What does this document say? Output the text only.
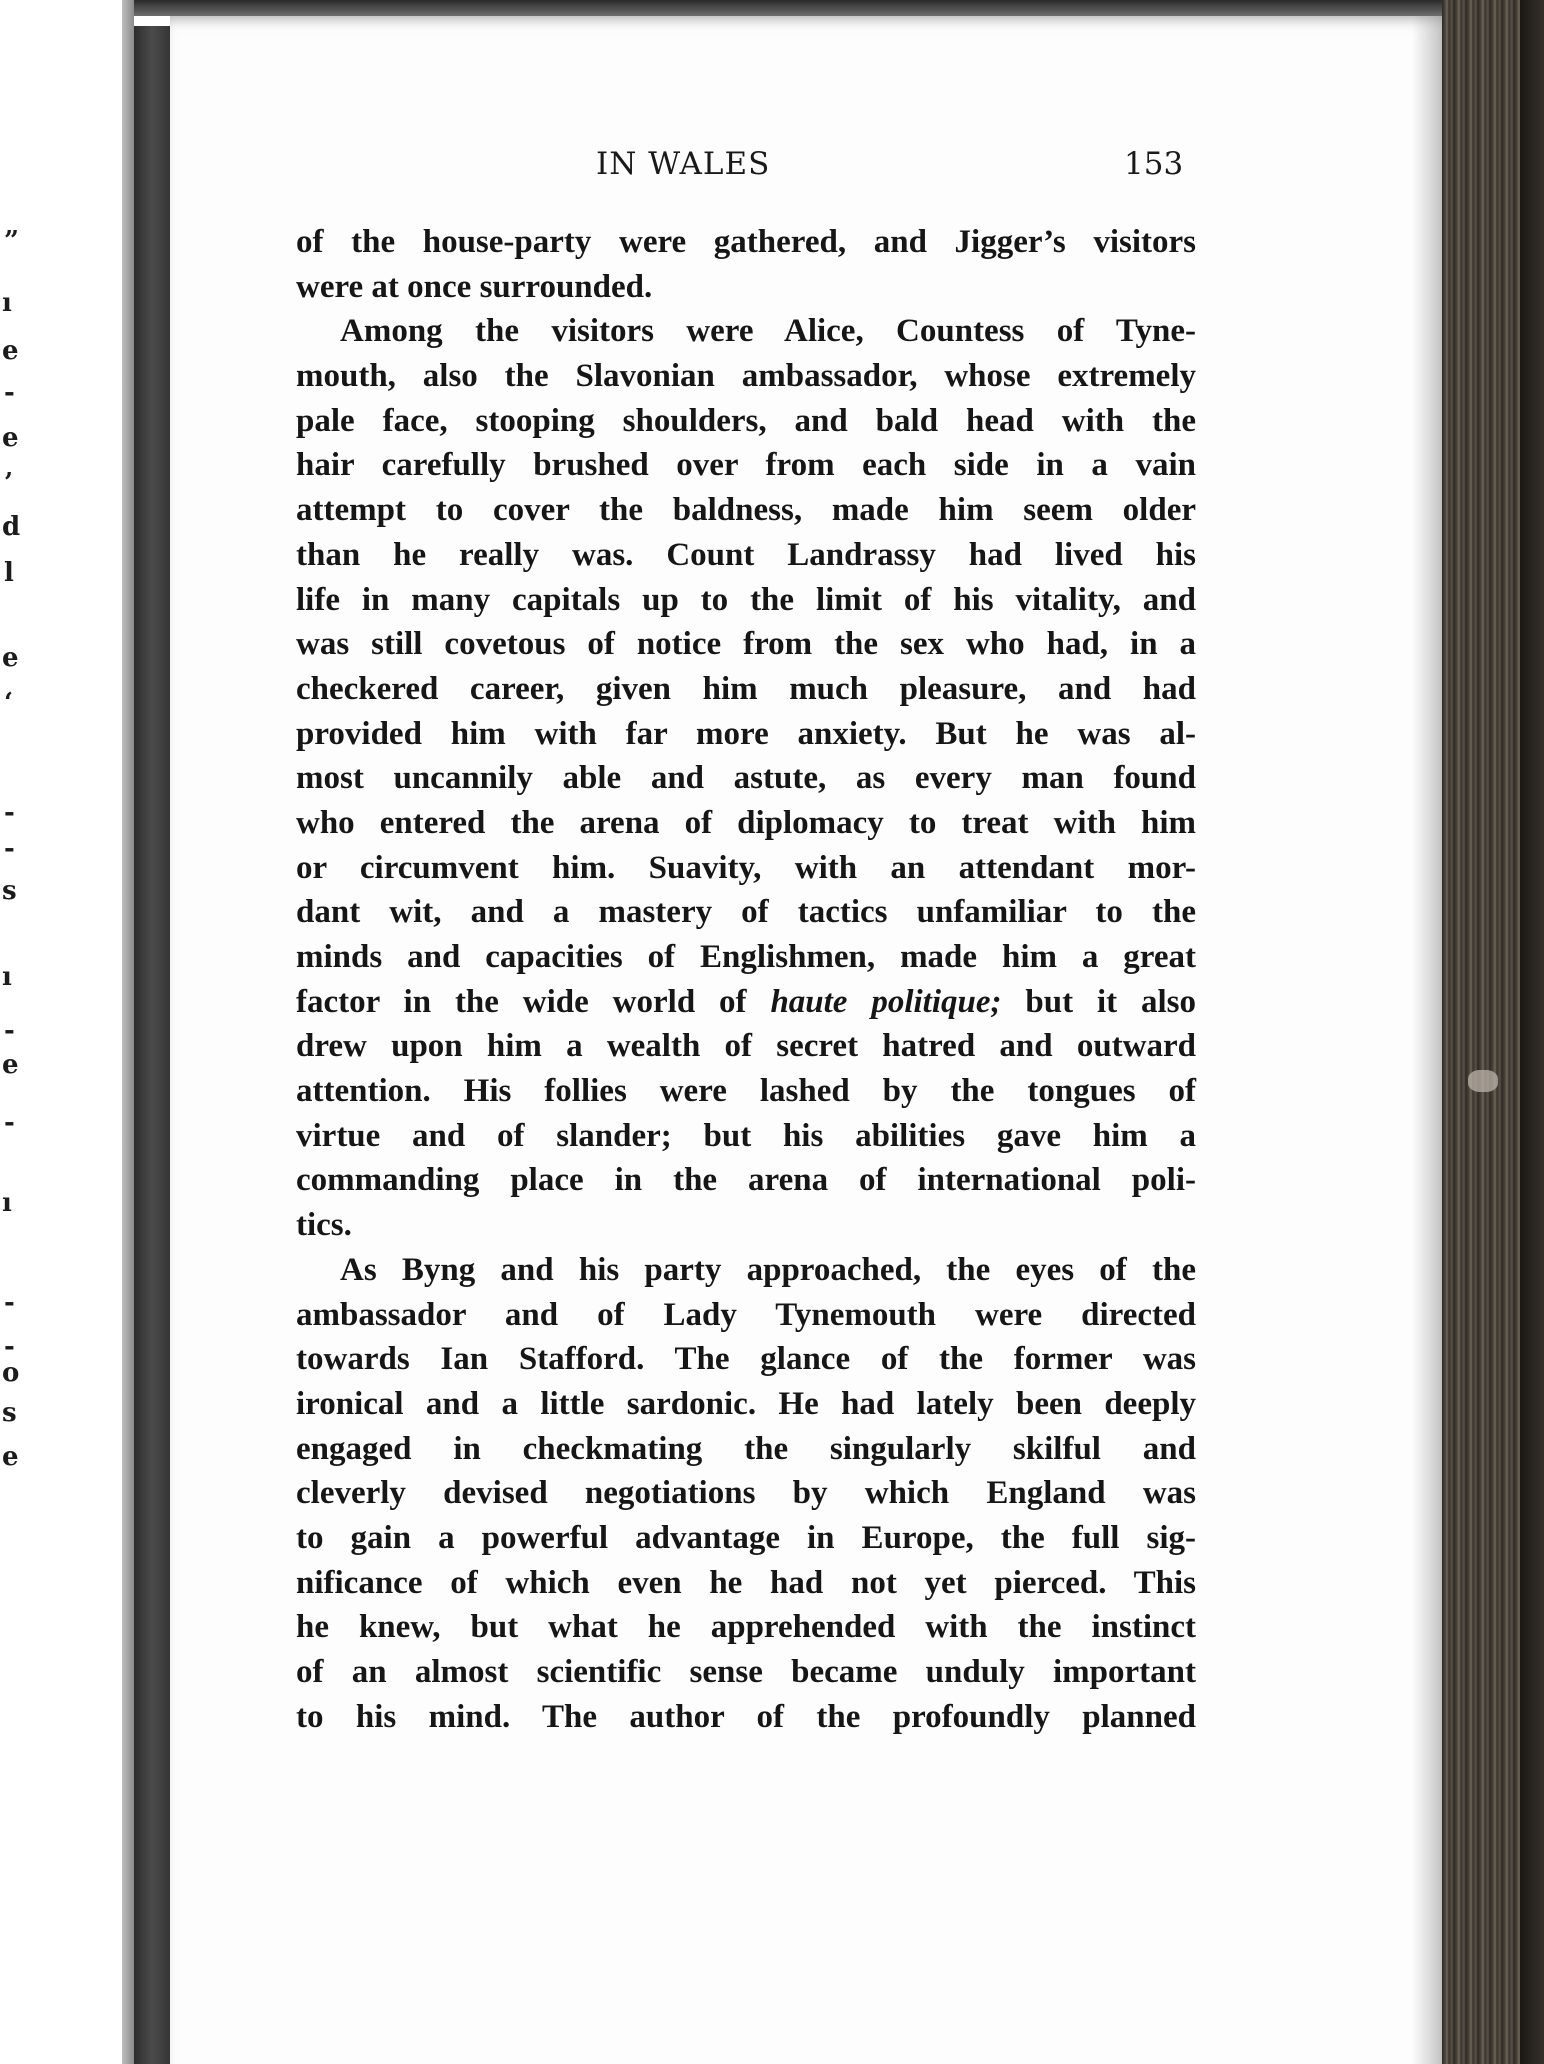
”
ı
e
-
e
’
d
l
e
‘
-
-
s
ı
-
e
-
ı
-
-
o
s
e
IN WALES	153
of the house-party were gathered, and Jigger’s visitors
were at once surrounded.
Among the visitors were Alice, Countess of Tyne-
mouth, also the Slavonian ambassador, whose extremely
pale face, stooping shoulders, and bald head with the
hair carefully brushed over from each side in a vain
attempt to cover the baldness, made him seem older
than he really was. Count Landrassy had lived his
life in many capitals up to the limit of his vitality, and
was still covetous of notice from the sex who had, in a
checkered career, given him much pleasure, and had
provided him with far more anxiety. But he was al-
most uncannily able and astute, as every man found
who entered the arena of diplomacy to treat with him
or circumvent him. Suavity, with an attendant mor-
dant wit, and a mastery of tactics unfamiliar to the
minds and capacities of Englishmen, made him a great
factor in the wide world of haute politique; but it also
drew upon him a wealth of secret hatred and outward
attention. His follies were lashed by the tongues of
virtue and of slander; but his abilities gave him a
commanding place in the arena of international poli-
tics.
As Byng and his party approached, the eyes of the
ambassador and of Lady Tynemouth were directed
towards Ian Stafford. The glance of the former was
ironical and a little sardonic. He had lately been deeply
engaged in checkmating the singularly skilful and
cleverly devised negotiations by which England was
to gain a powerful advantage in Europe, the full sig-
nificance of which even he had not yet pierced. This
he knew, but what he apprehended with the instinct
of an almost scientific sense became unduly important
to his mind. The author of the profoundly planned
